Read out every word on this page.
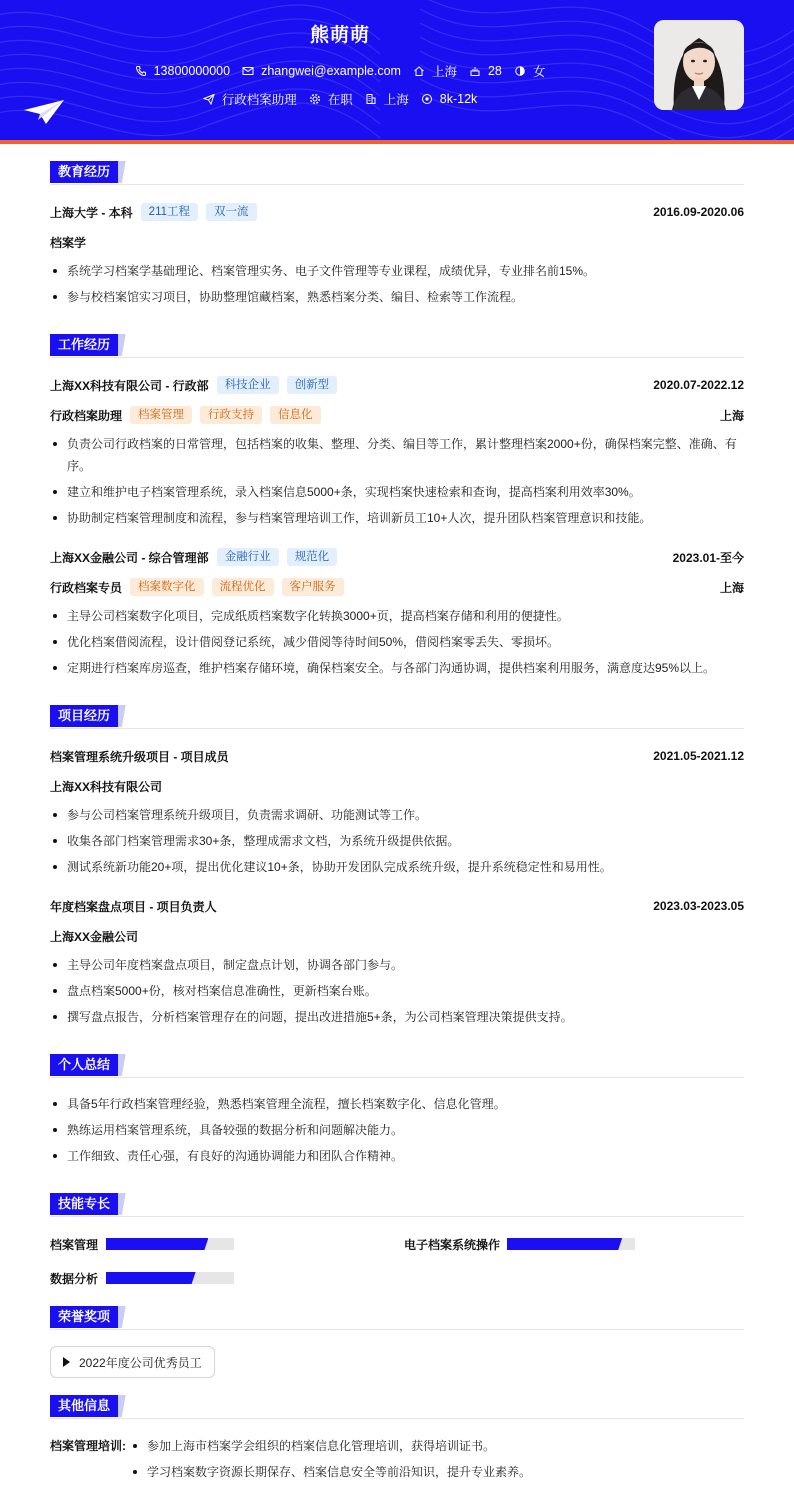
熊萌萌
13800000000 zhangwei@example.com 上海 28 女
行政档案助理 在职 上海 8k-12k
教育经历
上海大学 - 本科	211工程	双一流	2016.09-2020.06
档案学
系统学习档案学基础理论、档案管理实务、电子文件管理等专业课程，成绩优异，专业排名前15%。
参与校档案馆实习项目，协助整理馆藏档案，熟悉档案分类、编目、检索等工作流程。
工作经历
上海XX科技有限公司 - 行政部	科技企业	创新型	2020.07-2022.12
行政档案助理	档案管理	行政支持	信息化	上海
负责公司行政档案的日常管理，包括档案的收集、整理、分类、编目等工作，累计整理档案2000+份，确保档案完整、准确、有序。
建立和维护电子档案管理系统，录入档案信息5000+条，实现档案快速检索和查询，提高档案利用效率30%。
协助制定档案管理制度和流程，参与档案管理培训工作，培训新员工10+人次，提升团队档案管理意识和技能。
上海XX金融公司 - 综合管理部	金融行业	规范化	2023.01-至今
行政档案专员	档案数字化	流程优化	客户服务	上海
主导公司档案数字化项目，完成纸质档案数字化转换3000+页，提高档案存储和利用的便捷性。
优化档案借阅流程，设计借阅登记系统，减少借阅等待时间50%，借阅档案零丢失、零损坏。
定期进行档案库房巡查，维护档案存储环境，确保档案安全。与各部门沟通协调，提供档案利用服务，满意度达95%以上。
项目经历
档案管理系统升级项目 - 项目成员	2021.05-2021.12
上海XX科技有限公司
参与公司档案管理系统升级项目，负责需求调研、功能测试等工作。
收集各部门档案管理需求30+条，整理成需求文档，为系统升级提供依据。
测试系统新功能20+项，提出优化建议10+条，协助开发团队完成系统升级，提升系统稳定性和易用性。
年度档案盘点项目 - 项目负责人	2023.03-2023.05
上海XX金融公司
主导公司年度档案盘点项目，制定盘点计划，协调各部门参与。
盘点档案5000+份，核对档案信息准确性，更新档案台账。
撰写盘点报告，分析档案管理存在的问题，提出改进措施5+条，为公司档案管理决策提供支持。
个人总结
具备5年行政档案管理经验，熟悉档案管理全流程，擅长档案数字化、信息化管理。
熟练运用档案管理系统，具备较强的数据分析和问题解决能力。
工作细致、责任心强，有良好的沟通协调能力和团队合作精神。
技能专长
档案管理	电子档案系统操作
数据分析
荣誉奖项
2022年度公司优秀员工
其他信息
档案管理培训:	参加上海市档案学会组织的档案信息化管理培训，获得培训证书。
学习档案数字资源长期保存、档案信息安全等前沿知识，提升专业素养。
